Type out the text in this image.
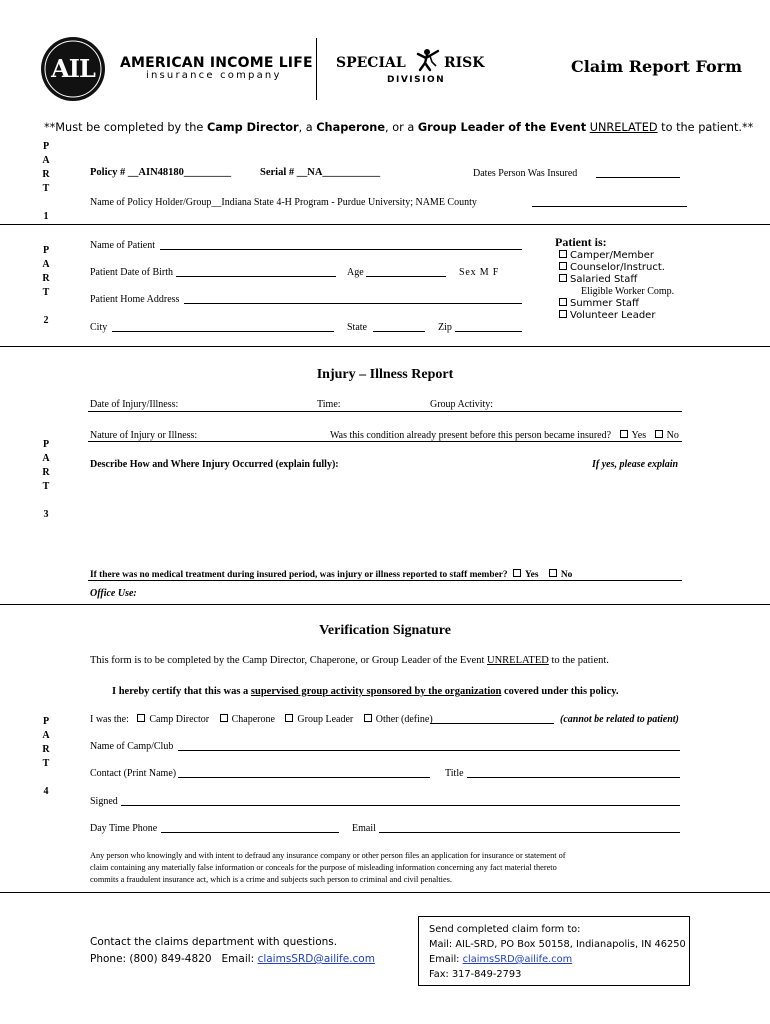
AIL	AMERICAN INCOME LIFE
insurance company
SPECIAL	RISK
DIVISION
Claim Report Form
**Must be completed by the Camp Director, a Chaperone, or a Group Leader of the Event UNRELATED to the patient.**
P
A
R
T
1
Policy # __AIN48180_________	Serial # __NA___________	Dates Person Was Insured
Name of Policy Holder/Group__Indiana State 4-H Program - Purdue University; NAME County
P
A
R
T
2
Name of Patient
Patient Date of Birth	Age	Sex M F
Patient Home Address
City	State	Zip
Patient is:
Camper/Member
Counselor/Instruct.
Salaried Staff
Eligible Worker Comp.
Summer Staff
Volunteer Leader
Injury – Illness Report
P
A
R
T
3
Date of Injury/Illness:	Time:	Group Activity:
Nature of Injury or Illness:	Was this condition already present before this person became insured? Yes No
Describe How and Where Injury Occurred (explain fully):	If yes, please explain
If there was no medical treatment during insured period, was injury or illness reported to staff member? Yes No
Office Use:
Verification Signature
This form is to be completed by the Camp Director, Chaperone, or Group Leader of the Event UNRELATED to the patient.
I hereby certify that this was a supervised group activity sponsored by the organization covered under this policy.
P
A
R
T
4
I was the: Camp Director Chaperone Group Leader Other (define)	(cannot be related to patient)
Name of Camp/Club
Contact (Print Name)	Title
Signed
Day Time Phone	Email
Any person who knowingly and with intent to defraud any insurance company or other person files an application for insurance or statement of
claim containing any materially false information or conceals for the purpose of misleading information concerning any fact material thereto
commits a fraudulent insurance act, which is a crime and subjects such person to criminal and civil penalties.
Contact the claims department with questions.
Phone: (800) 849-4820 Email: claimsSRD@ailife.com
Send completed claim form to:
Mail: AIL-SRD, PO Box 50158, Indianapolis, IN 46250
Email: claimsSRD@ailife.com
Fax: 317-849-2793
